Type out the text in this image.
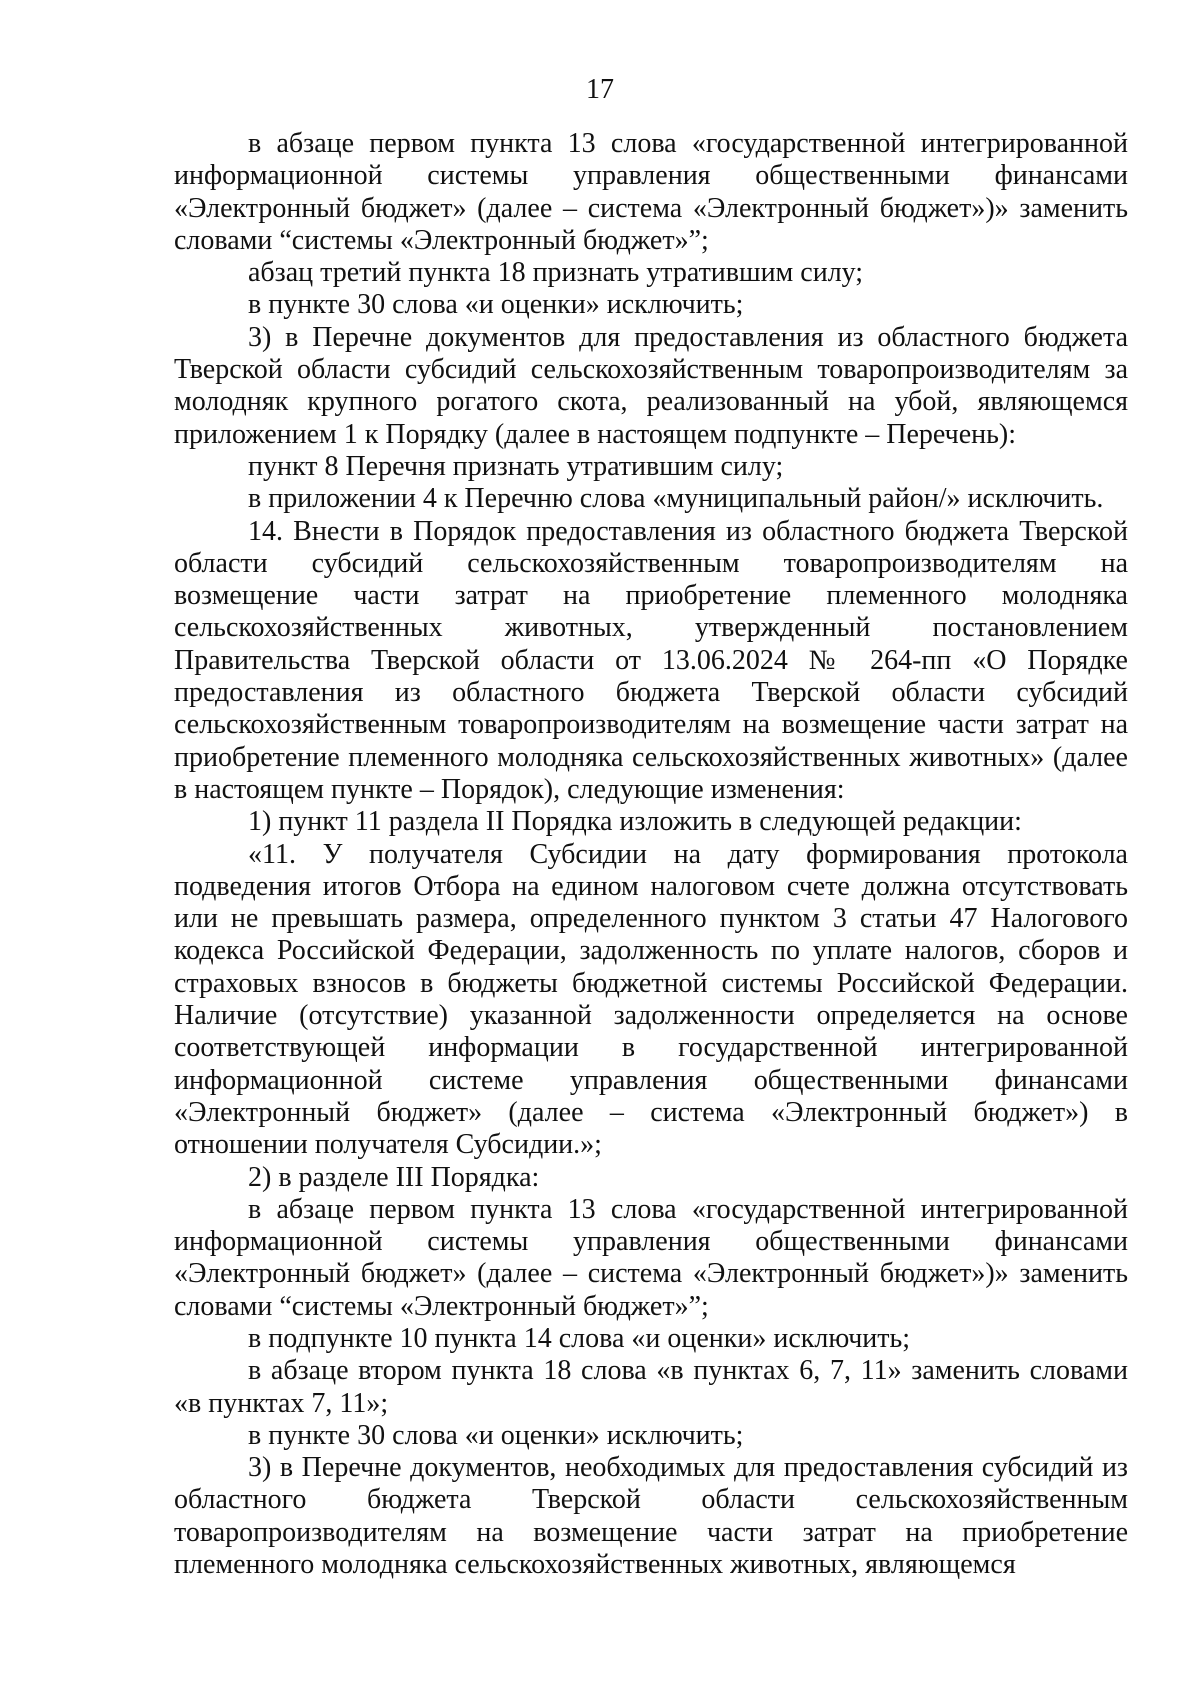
17

в абзаце первом пункта 13 слова «государственной интегрированной информационной системы управления общественными финансами «Электронный бюджет» (далее – система «Электронный бюджет»)» заменить словами “системы «Электронный бюджет»”;

абзац третий пункта 18 признать утратившим силу;

в пункте 30 слова «и оценки» исключить;

3) в Перечне документов для предоставления из областного бюджета Тверской области субсидий сельскохозяйственным товаропроизводителям за молодняк крупного рогатого скота, реализованный на убой, являющемся приложением 1 к Порядку (далее в настоящем подпункте – Перечень):

пункт 8 Перечня признать утратившим силу;

в приложении 4 к Перечню слова «муниципальный район/» исключить.

14. Внести в Порядок предоставления из областного бюджета Тверской области субсидий сельскохозяйственным товаропроизводителям на возмещение части затрат на приобретение племенного молодняка сельскохозяйственных животных, утвержденный постановлением Правительства Тверской области от 13.06.2024 № 264-пп «О Порядке предоставления из областного бюджета Тверской области субсидий сельскохозяйственным товаропроизводителям на возмещение части затрат на приобретение племенного молодняка сельскохозяйственных животных» (далее в настоящем пункте – Порядок), следующие изменения:

1) пункт 11 раздела II Порядка изложить в следующей редакции:

«11. У получателя Субсидии на дату формирования протокола подведения итогов Отбора на едином налоговом счете должна отсутствовать или не превышать размера, определенного пунктом 3 статьи 47 Налогового кодекса Российской Федерации, задолженность по уплате налогов, сборов и страховых взносов в бюджеты бюджетной системы Российской Федерации. Наличие (отсутствие) указанной задолженности определяется на основе соответствующей информации в государственной интегрированной информационной системе управления общественными финансами «Электронный бюджет» (далее – система «Электронный бюджет») в отношении получателя Субсидии.»;

2) в разделе III Порядка:

в абзаце первом пункта 13 слова «государственной интегрированной информационной системы управления общественными финансами «Электронный бюджет» (далее – система «Электронный бюджет»)» заменить словами “системы «Электронный бюджет»”;

в подпункте 10 пункта 14 слова «и оценки» исключить;

в абзаце втором пункта 18 слова «в пунктах 6, 7, 11» заменить словами «в пунктах 7, 11»;

в пункте 30 слова «и оценки» исключить;

3) в Перечне документов, необходимых для предоставления субсидий из областного бюджета Тверской области сельскохозяйственным товаропроизводителям на возмещение части затрат на приобретение племенного молодняка сельскохозяйственных животных, являющемся
